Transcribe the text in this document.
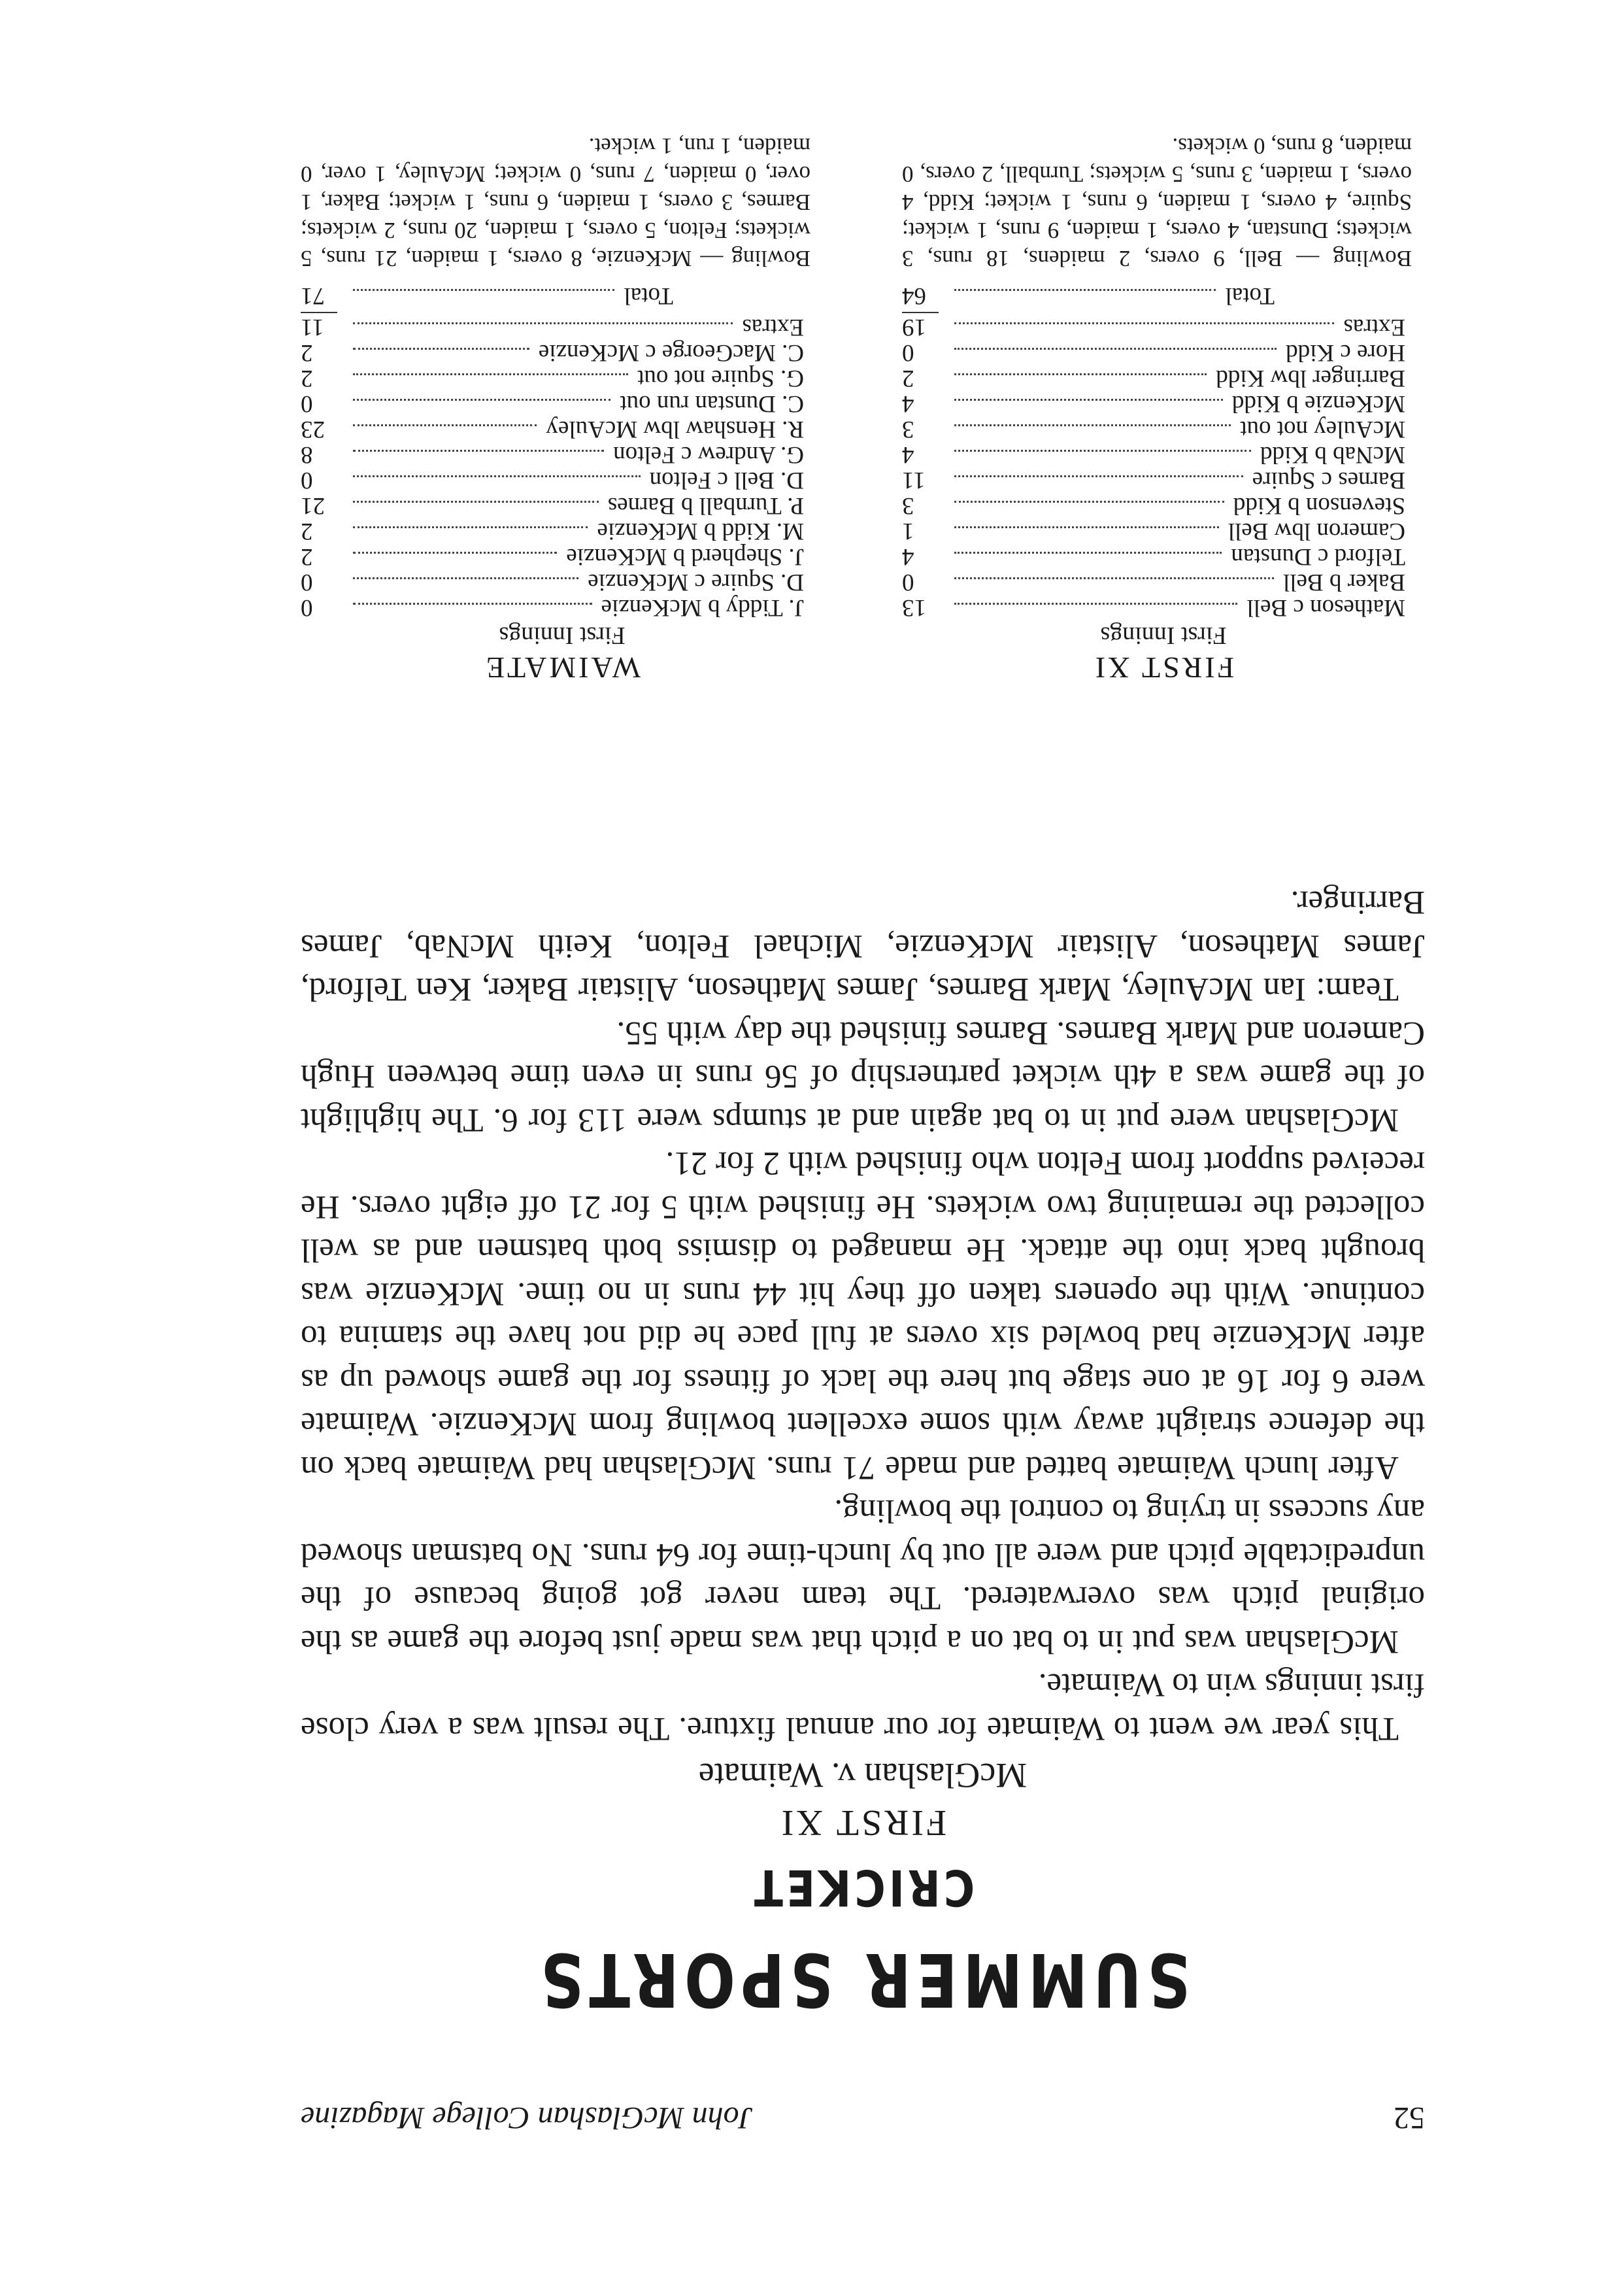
52
John McGlashan College Magazine
SUMMER SPORTS
CRICKET
FIRST XI
McGlashan v. Waimate

This year we went to Waimate for our annual fixture. The result was a very close first innings win to Waimate.

McGlashan was put in to bat on a pitch that was made just before the game as the original pitch was overwatered. The team never got going because of the unpredictable pitch and were all out by lunch-time for 64 runs. No batsman showed any success in trying to control the bowling.

After lunch Waimate batted and made 71 runs. McGlashan had Waimate back on the defence straight away with some excellent bowling from McKenzie. Waimate were 6 for 16 at one stage but here the lack of fitness for the game showed up as after McKenzie had bowled six overs at full pace he did not have the stamina to continue. With the openers taken off they hit 44 runs in no time. McKenzie was brought back into the attack. He managed to dismiss both batsmen and as well collected the remaining two wickets. He finished with 5 for 21 off eight overs. He received support from Felton who finished with 2 for 21.

McGlashan were put in to bat again and at stumps were 113 for 6. The highlight of the game was a 4th wicket partnership of 56 runs in even time between Hugh Cameron and Mark Barnes. Barnes finished the day with 55.

Team: Ian McAuley, Mark Barnes, James Matheson, Alistair Baker, Ken Telford, James Matheson, Alistair McKenzie, Michael Felton, Keith McNab, James Barringer.

FIRST XI
First Innings
Matheson c Bell
13
Baker b Bell
0
Telford c Dunstan
4
Cameron lbw Bell
1
Stevenson b Kidd
3
Barnes c Squire
11
McNab b Kidd
4
McAuley not out
3
McKenzie b Kidd
4
Barringer lbw Kidd
2
Hore c Kidd
0
Extras
19
Total
64
Bowling — Bell, 9 overs, 2 maidens, 18 runs, 3 wickets; Dunstan, 4 overs, 1 maiden, 9 runs, 1 wicket; Squire, 4 overs, 1 maiden, 6 runs, 1 wicket; Kidd, 4 overs, 1 maiden, 3 runs, 5 wickets; Turnball, 2 overs, 0 maiden, 8 runs, 0 wickets.
WAIMATE
First Innings
J. Tiddy b McKenzie
0
D. Squire c McKenzie
0
J. Shepherd b McKenzie
2
M. Kidd b McKenzie
2
P. Turnball b Barnes
21
D. Bell c Felton
0
G. Andrew c Felton
8
R. Henshaw lbw McAuley
23
C. Dunstan run out
0
G. Squire not out
2
C. MacGeorge c McKenzie
2
Extras
11
Total
71
Bowling — McKenzie, 8 overs, 1 maiden, 21 runs, 5 wickets; Felton, 5 overs, 1 maiden, 20 runs, 2 wickets; Barnes, 3 overs, 1 maiden, 6 runs, 1 wicket; Baker, 1 over, 0 maiden, 7 runs, 0 wicket; McAuley, 1 over, 0 maiden, 1 run, 1 wicket.
